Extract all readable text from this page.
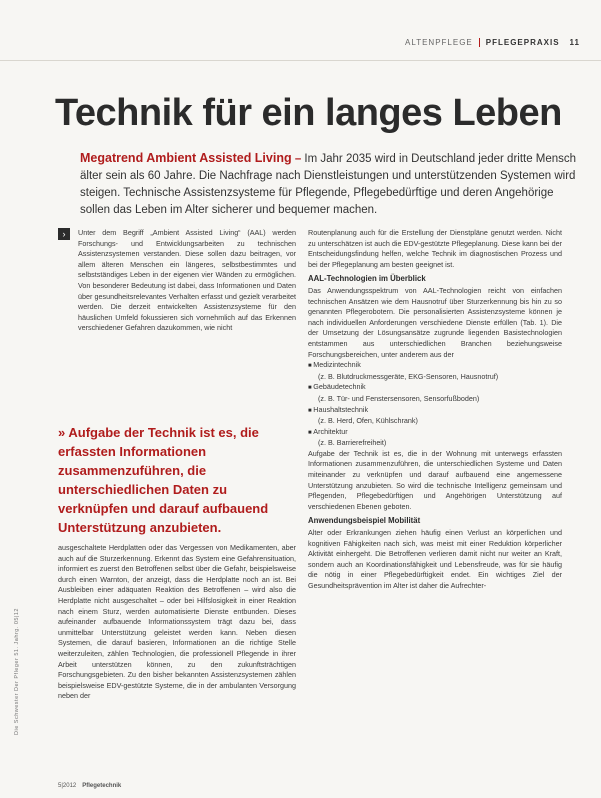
ALTENPFLEGE PFLEGEPRAXIS 11
Technik für ein langes Leben
Megatrend Ambient Assisted Living – Im Jahr 2035 wird in Deutschland jeder dritte Mensch älter sein als 60 Jahre. Die Nachfrage nach Dienstleistungen und unterstützenden Systemen wird steigen. Technische Assistenzsysteme für Pflegende, Pflegebedürftige und deren Angehörige sollen das Leben im Alter sicherer und bequemer machen.
›	Unter dem Begriff „Ambient Assisted Living“ (AAL) werden Forschungs- und Entwicklungsarbeiten zu technischen Assistenzsystemen verstanden. Diese sollen dazu beitragen, vor allem älteren Menschen ein längeres, selbstbestimmtes und selbstständiges Leben in der eigenen vier Wänden zu ermöglichen. Von besonderer Bedeutung ist dabei, dass Informationen und Daten über gesundheitsrelevantes Verhalten erfasst und gezielt verarbeitet werden. Die derzeit entwickelten Assistenzsysteme für den häuslichen Umfeld fokussieren sich vornehmlich auf das Erkennen verschiedener Gefahren dazukommen, wie nicht

» Aufgabe der Technik ist es, die erfassten Informationen zusammenzuführen, die unterschiedlichen Daten zu verknüpfen und darauf aufbauend Unterstützung anzubieten.

ausgeschaltete Herdplatten oder das Vergessen von Medikamenten, aber auch auf die Sturzerkennung. Erkennt das System eine Gefahrensituation, informiert es zuerst den Betroffenen selbst über die Gefahr, beispielsweise durch einen Warnton, der anzeigt, dass die Herdplatte noch an ist. Bei Ausbleiben einer adäquaten Reaktion des Betroffenen – wird also die Herdplatte nicht ausgeschaltet – oder bei Hilfslosigkeit in einer Reaktion nach einem Sturz, werden automatisierte Dienste entbunden. Dieses aufeinander aufbauende Informationssystem trägt dazu bei, dass unmittelbar Unterstützung geleistet werden kann. Neben diesen Systemen, die darauf basieren, Informationen an die richtige Stelle weiterzuleiten, zählen Technologien, die professionell Pflegende in ihrer Arbeit unterstützen können, zu den zukunftsträchtigen Forschungsgebieten. Zu den bisher bekannten Assistenzsystemen zählen beispielsweise EDV-gestützte Systeme, die in der ambulanten Versorgung neben der

Routenplanung auch für die Erstellung der Dienstpläne genutzt werden. Nicht zu unterschätzen ist auch die EDV-gestützte Pflegeplanung. Diese kann bei der Entscheidungsfindung helfen, welche Technik im diagnostischen Prozess und bei der Pflegeplanung am besten geeignet ist.

AAL-Technologien im Überblick

Das Anwendungsspektrum von AAL-Technologien reicht von einfachen technischen Ansätzen wie dem Hausnotruf über Sturzerkennung bis hin zu so genannten Pflegerobotern. Die personalisierten Assistenzsysteme können je nach individuellen Anforderungen verschiedene Dienste erfüllen (Tab. 1). Die der Umsetzung der Lösungsansätze zugrunde liegenden Basistechnologien entstammen aus unterschiedlichen Branchen beziehungsweise Forschungsbereichen, unter anderem aus der

■ Medizintechnik
(z. B. Blutdruckmessgeräte, EKG-Sensoren, Hausnotruf)
■ Gebäudetechnik
(z. B. Tür- und Fenstersensoren, Sensorfußboden)
■ Haushaltstechnik
(z. B. Herd, Ofen, Kühlschrank)
■ Architektur
(z. B. Barrierefreiheit)

Aufgabe der Technik ist es, die in der Wohnung mit unterwegs erfassten Informationen zusammenzuführen, die unterschiedlichen Systeme und Daten miteinander zu verknüpfen und darauf aufbauend eine angemessene Unterstützung anzubieten. So wird die technische Intelligenz gemeinsam und Pflegenden, Pflegebedürftigen und Angehörigen Unterstützung auf verschiedenen Ebenen geboten.

Anwendungsbeispiel Mobilität

Alter oder Erkrankungen ziehen häufig einen Verlust an körperlichen und kognitiven Fähigkeiten nach sich, was meist mit einer Reduktion körperlicher Aktivität einhergeht. Die Betroffenen verlieren damit nicht nur weiter an Kraft, sondern auch an Koordinationsfähigkeit und Lebensfreude, was für sie häufig die nötig in einer Pflegebedürftigkeit endet. Ein wichtiges Ziel der Gesundheitsprävention im Alter ist daher die Aufrechter-

Die Schwester Der Pfleger 51. Jahrg. 05|12
5|2012 Pflegetechnik
